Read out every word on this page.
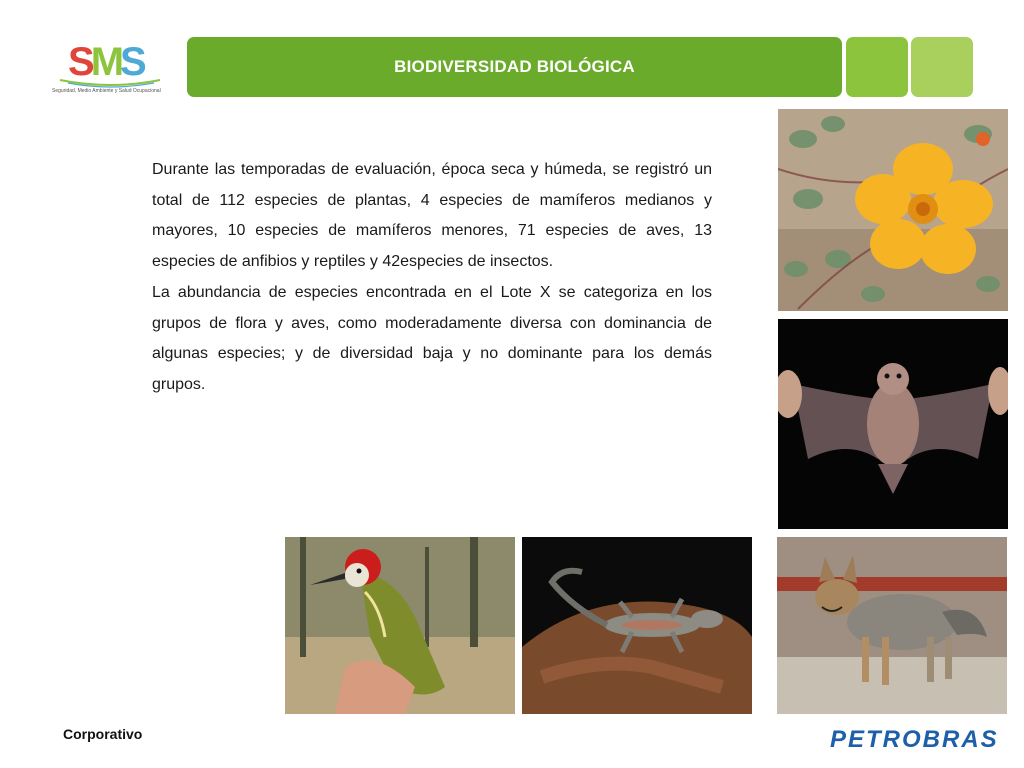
SMS
Seguridad, Medio Ambiente y Salud Ocupacional
BIODIVERSIDAD BIOLÓGICA

Durante las temporadas de evaluación, época seca y húmeda, se registró un total de 112 especies de plantas, 4 especies de mamíferos medianos y mayores, 10 especies de mamíferos menores, 71 especies de aves, 13 especies de anfibios y reptiles y 42especies de insectos.

La abundancia de especies encontrada en el Lote X se categoriza en los grupos de flora y aves, como moderadamente diversa con dominancia de algunas especies; y de diversidad baja y no dominante para los demás grupos.

Corporativo	PETROBRAS
